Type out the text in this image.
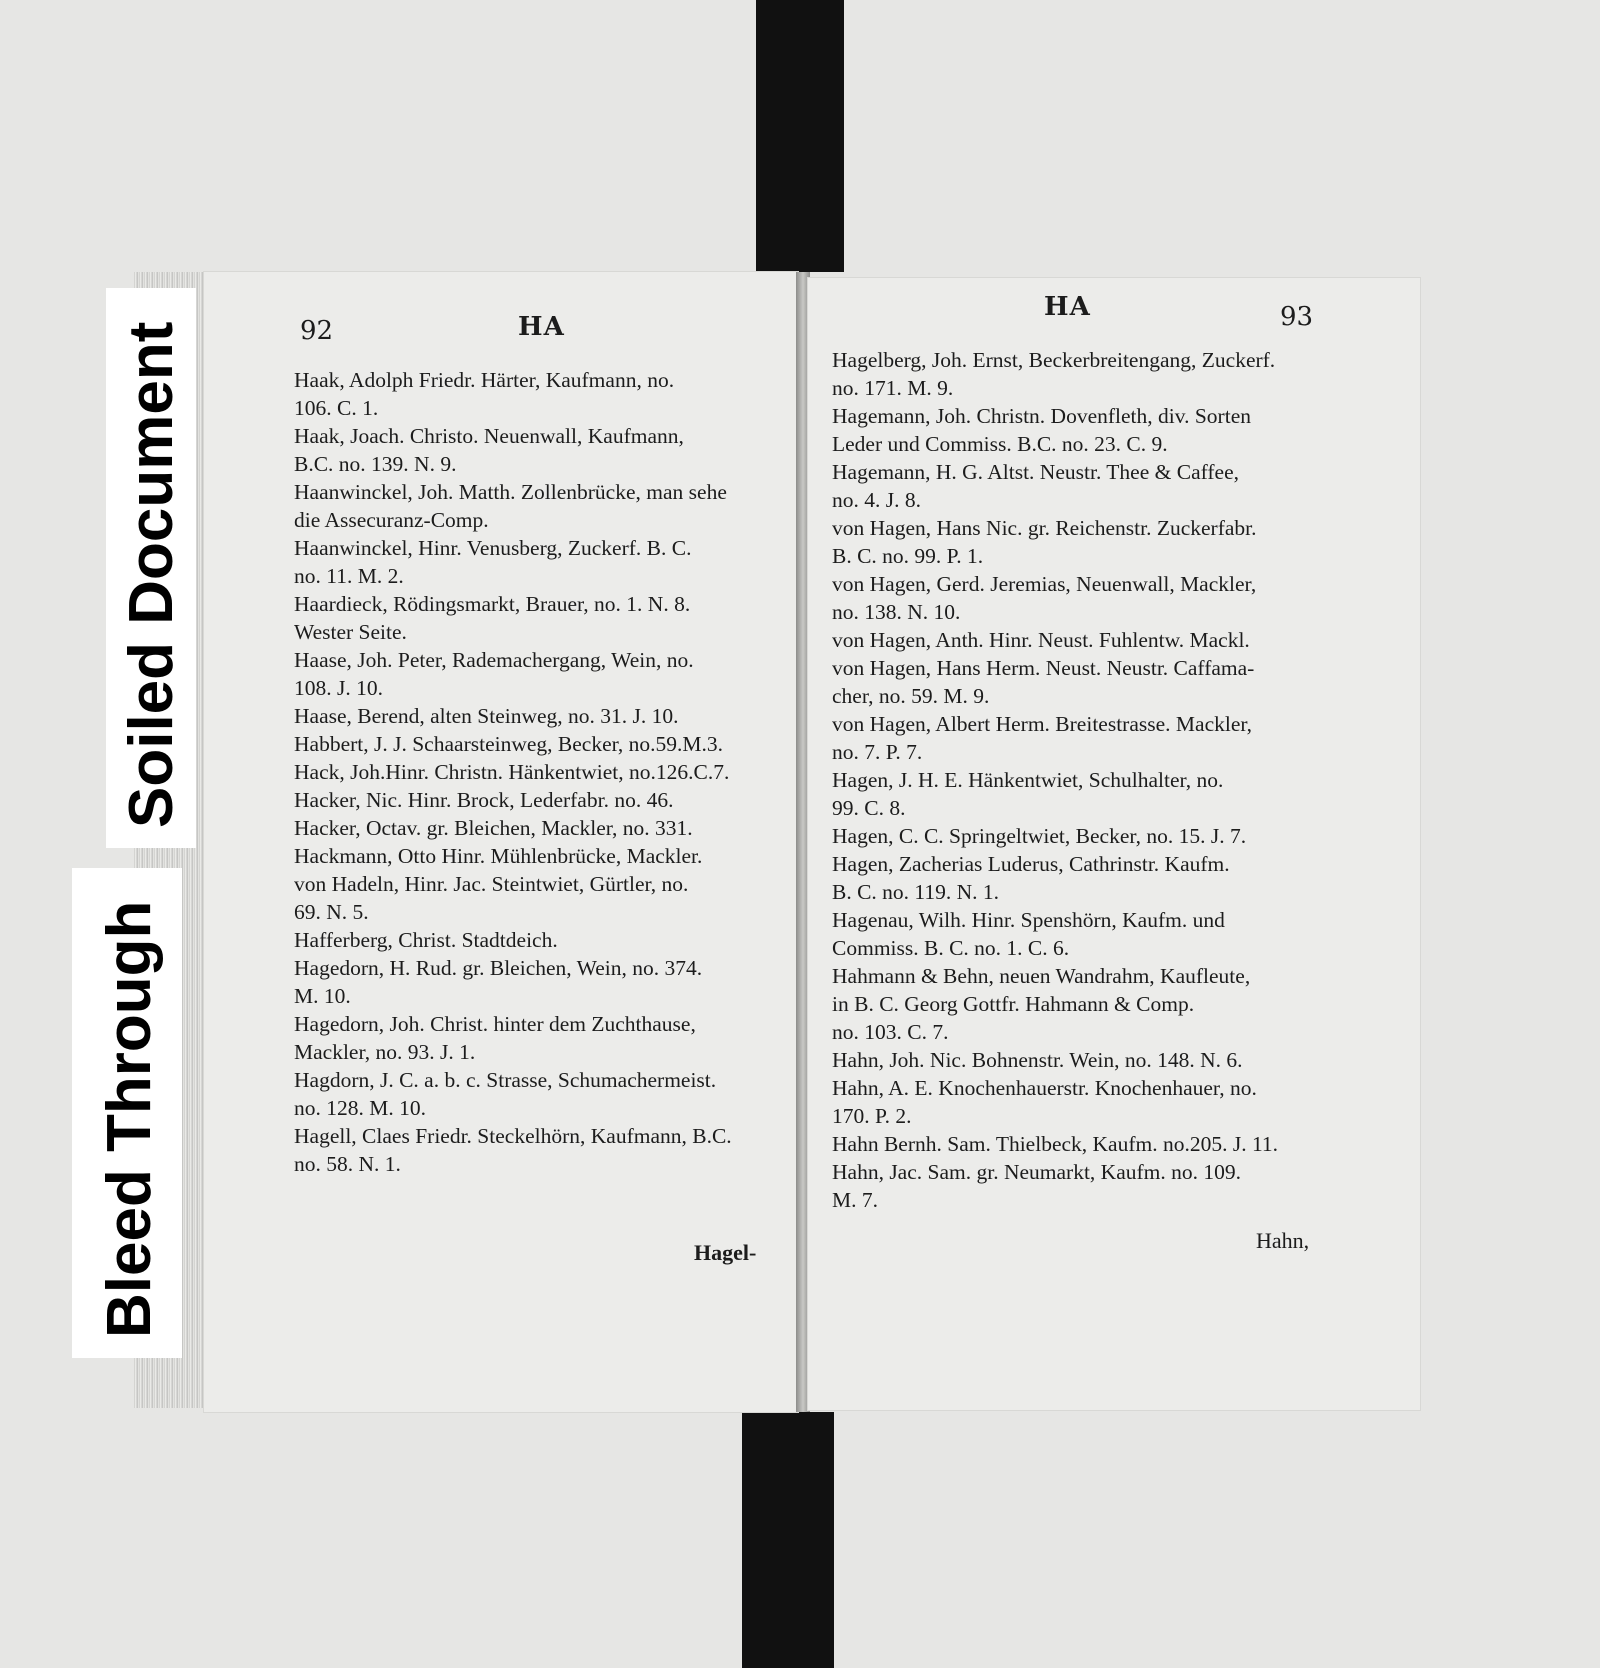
92	HA
Haak, Adolph Friedr. Härter, Kaufmann, no.
106. C. 1.
Haak, Joach. Christo. Neuenwall, Kaufmann,
B.C. no. 139. N. 9.
Haanwinckel, Joh. Matth. Zollenbrücke, man sehe
die Assecuranz-Comp.
Haanwinckel, Hinr. Venusberg, Zuckerf. B. C.
no. 11. M. 2.
Haardieck, Rödingsmarkt, Brauer, no. 1. N. 8.
Wester Seite.
Haase, Joh. Peter, Rademachergang, Wein, no.
108. J. 10.
Haase, Berend, alten Steinweg, no. 31. J. 10.
Habbert, J. J. Schaarsteinweg, Becker, no.59.M.3.
Hack, Joh.Hinr. Christn. Hänkentwiet, no.126.C.7.
Hacker, Nic. Hinr. Brock, Lederfabr. no. 46.
Hacker, Octav. gr. Bleichen, Mackler, no. 331.
Hackmann, Otto Hinr. Mühlenbrücke, Mackler.
von Hadeln, Hinr. Jac. Steintwiet, Gürtler, no.
69. N. 5.
Hafferberg, Christ. Stadtdeich.
Hagedorn, H. Rud. gr. Bleichen, Wein, no. 374.
M. 10.
Hagedorn, Joh. Christ. hinter dem Zuchthause,
Mackler, no. 93. J. 1.
Hagdorn, J. C. a. b. c. Strasse, Schumachermeist.
no. 128. M. 10.
Hagell, Claes Friedr. Steckelhörn, Kaufmann, B.C.
no. 58. N. 1.
Hagel-
HA	93
Hagelberg, Joh. Ernst, Beckerbreitengang, Zuckerf.
no. 171. M. 9.
Hagemann, Joh. Christn. Dovenfleth, div. Sorten
Leder und Commiss. B.C. no. 23. C. 9.
Hagemann, H. G. Altst. Neustr. Thee & Caffee,
no. 4. J. 8.
von Hagen, Hans Nic. gr. Reichenstr. Zuckerfabr.
B. C. no. 99. P. 1.
von Hagen, Gerd. Jeremias, Neuenwall, Mackler,
no. 138. N. 10.
von Hagen, Anth. Hinr. Neust. Fuhlentw. Mackl.
von Hagen, Hans Herm. Neust. Neustr. Caffama-
cher, no. 59. M. 9.
von Hagen, Albert Herm. Breitestrasse. Mackler,
no. 7. P. 7.
Hagen, J. H. E. Hänkentwiet, Schulhalter, no.
99. C. 8.
Hagen, C. C. Springeltwiet, Becker, no. 15. J. 7.
Hagen, Zacherias Luderus, Cathrinstr. Kaufm.
B. C. no. 119. N. 1.
Hagenau, Wilh. Hinr. Spenshörn, Kaufm. und
Commiss. B. C. no. 1. C. 6.
Hahmann & Behn, neuen Wandrahm, Kaufleute,
in B. C. Georg Gottfr. Hahmann & Comp.
no. 103. C. 7.
Hahn, Joh. Nic. Bohnenstr. Wein, no. 148. N. 6.
Hahn, A. E. Knochenhauerstr. Knochenhauer, no.
170. P. 2.
Hahn Bernh. Sam. Thielbeck, Kaufm. no.205. J. 11.
Hahn, Jac. Sam. gr. Neumarkt, Kaufm. no. 109.
M. 7.
Hahn,
Soiled Document
Bleed Through
